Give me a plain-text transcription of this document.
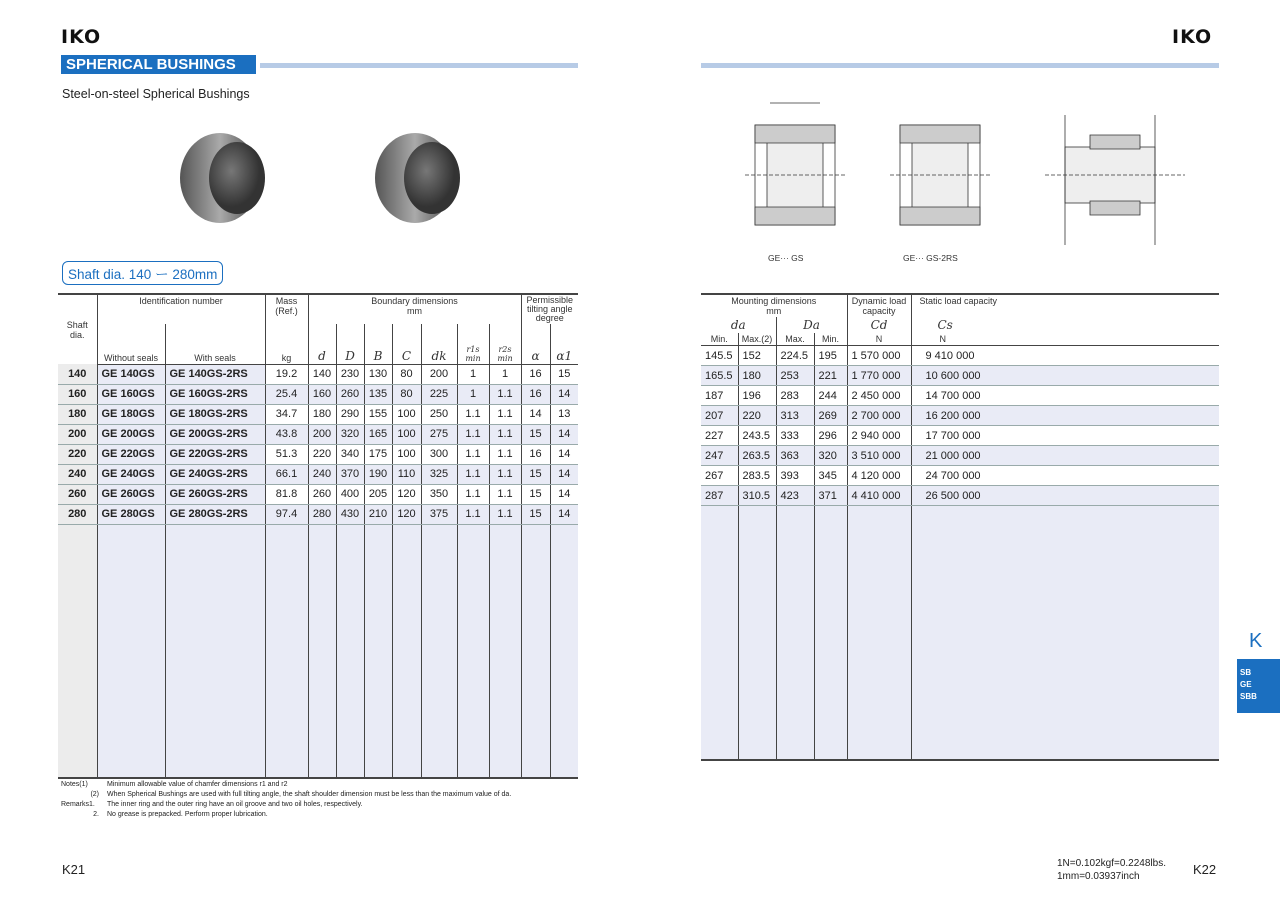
IKO	IKO
SPHERICAL BUSHINGS
Steel-on-steel Spherical Bushings
Shaft dia. 140 ー 280mm
GE··· GS	GE··· GS-2RS
Shaft dia.	Identification number		Mass (Ref.)	Boundary dimensions
mm							Permissible tilting angle degree	
	Without seals	With seals	kg	d	D	B	C	dk	r1s min	r2s min	α	α1
140	GE 140GS	GE 140GS-2RS	19.2	140	230	130	80	200	1	1	16	15
160	GE 160GS	GE 160GS-2RS	25.4	160	260	135	80	225	1	1.1	16	14
180	GE 180GS	GE 180GS-2RS	34.7	180	290	155	100	250	1.1	1.1	14	13
200	GE 200GS	GE 200GS-2RS	43.8	200	320	165	100	275	1.1	1.1	15	14
220	GE 220GS	GE 220GS-2RS	51.3	220	340	175	100	300	1.1	1.1	16	14
240	GE 240GS	GE 240GS-2RS	66.1	240	370	190	110	325	1.1	1.1	15	14
260	GE 260GS	GE 260GS-2RS	81.8	260	400	205	120	350	1.1	1.1	15	14
280	GE 280GS	GE 280GS-2RS	97.4	280	430	210	120	375	1.1	1.1	15	14

Mounting dimensions
mm				Dynamic load capacity	Static load capacity
da		Da		Cd	Cs
Min.	Max.(2)	Max.	Min.	N	N
145.5	152	224.5	195	1 570 000	9 410 000
165.5	180	253	221	1 770 000	10 600 000
187	196	283	244	2 450 000	14 700 000
207	220	313	269	2 700 000	16 200 000
227	243.5	333	296	2 940 000	17 700 000
247	263.5	363	320	3 510 000	21 000 000
267	283.5	393	345	4 120 000	24 700 000
287	310.5	423	371	4 410 000	26 500 000

Notes(1)	Minimum allowable value of chamfer dimensions r1 and r2
(2) When Spherical Bushings are used with full tilting angle, the shaft shoulder dimension must be less than the maximum value of da.
Remarks1. The inner ring and the outer ring have an oil groove and two oil holes, respectively.
2. No grease is prepacked. Perform proper lubrication.
K21	K22
1N=0.102kgf=0.2248lbs.
1mm=0.03937inch
K
SB
GE
SBB
